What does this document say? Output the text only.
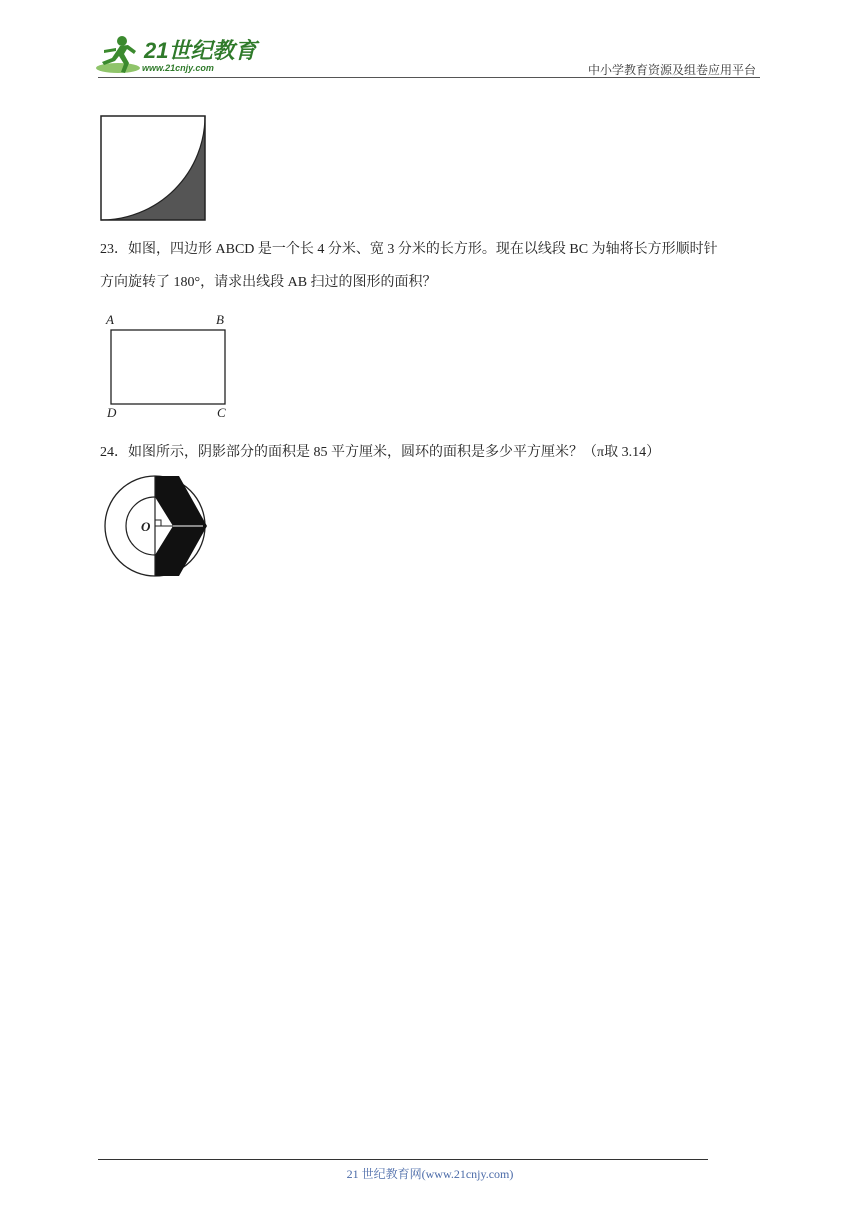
21世纪教育
www.21cnjy.com	中小学教育资源及组卷应用平台
23．如图，四边形 ABCD 是一个长 4 分米、宽 3 分米的长方形。现在以线段 BC 为轴将长方形顺时针
方向旋转了 180°，请求出线段 AB 扫过的图形的面积？
A	B
D	C
24．如图所示，阴影部分的面积是 85 平方厘米，圆环的面积是多少平方厘米？（π取 3.14）
O
21 世纪教育网(www.21cnjy.com)
